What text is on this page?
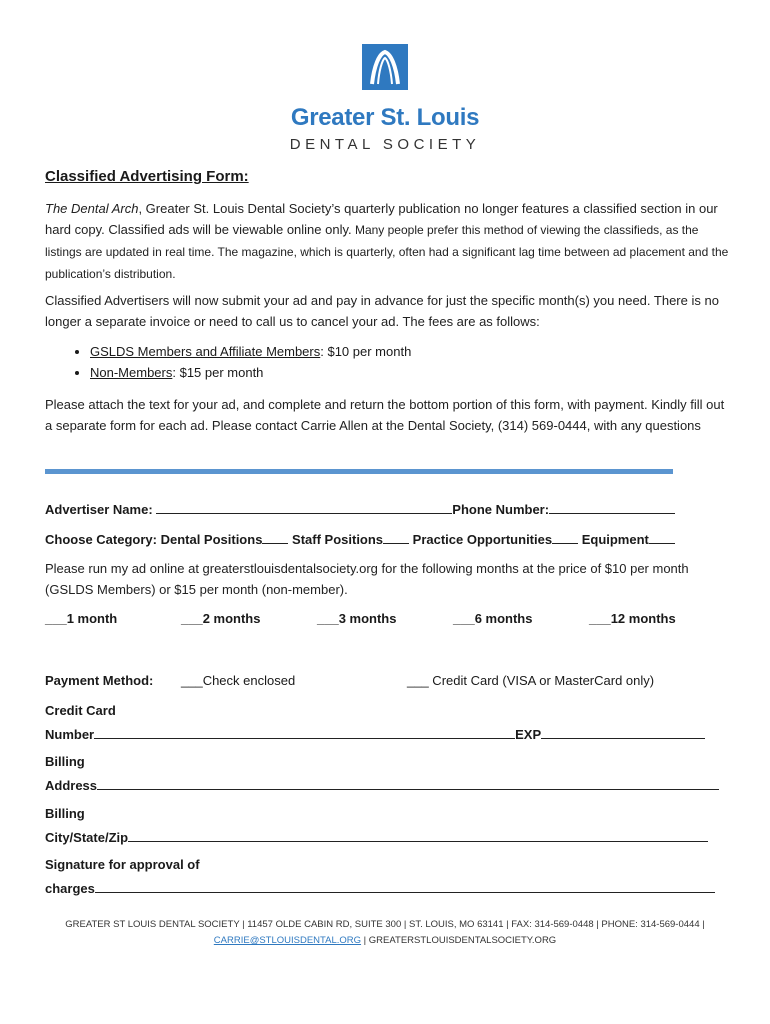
Greater St. Louis
DENTAL SOCIETY
Classified Advertising Form:
The Dental Arch, Greater St. Louis Dental Society’s quarterly publication no longer features a classified section in our hard copy. Classified ads will be viewable online only. Many people prefer this method of viewing the classifieds, as the listings are updated in real time. The magazine, which is quarterly, often had a significant lag time between ad placement and the publication’s distribution.
Classified Advertisers will now submit your ad and pay in advance for just the specific month(s) you need. There is no longer a separate invoice or need to call us to cancel your ad. The fees are as follows:
• GSLDS Members and Affiliate Members: $10 per month
• Non-Members: $15 per month
Please attach the text for your ad, and complete and return the bottom portion of this form, with payment. Kindly fill out a separate form for each ad. Please contact Carrie Allen at the Dental Society, (314) 569-0444, with any questions
Advertiser Name:	Phone Number:
Choose Category: Dental Positions Staff Positions Practice Opportunities Equipment
Please run my ad online at greaterstlouisdentalsociety.org for the following months at the price of $10 per month (GSLDS Members) or $15 per month (non-member).
___1 month	___2 months	___3 months	___6 months	___12 months
Payment Method: ___Check enclosed	___ Credit Card (VISA or MasterCard only)
Credit Card
Number	EXP
Billing
Address
Billing
City/State/Zip
Signature for approval of
charges
GREATER ST LOUIS DENTAL SOCIETY | 11457 OLDE CABIN RD, SUITE 300 | ST. LOUIS, MO 63141 | FAX: 314-569-0448 | PHONE: 314-569-0444 |
CARRIE@STLOUISDENTAL.ORG | GREATERSTLOUISDENTALSOCIETY.ORG
